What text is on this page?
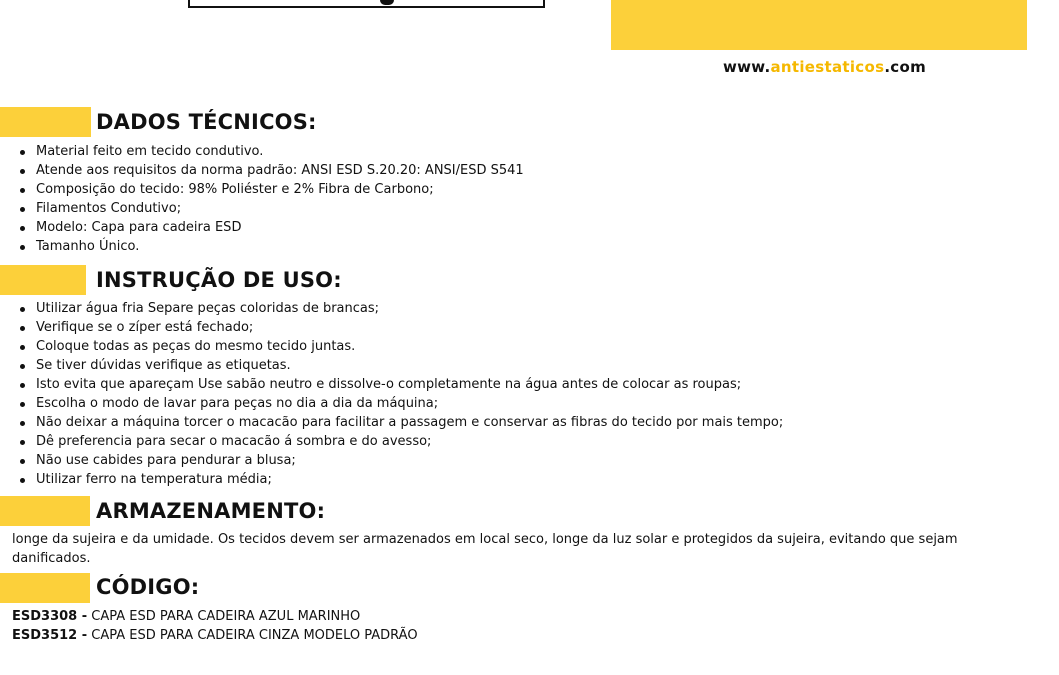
www.antiestaticos.com
DADOS TÉCNICOS:
Material feito em tecido condutivo.
Atende aos requisitos da norma padrão: ANSI ESD S.20.20: ANSI/ESD S541
Composição do tecido: 98% Poliéster e 2% Fibra de Carbono;
Filamentos Condutivo;
Modelo: Capa para cadeira ESD
Tamanho Único.
INSTRUÇÃO DE USO:
Utilizar água fria Separe peças coloridas de brancas;
Verifique se o zíper está fechado;
Coloque todas as peças do mesmo tecido juntas.
Se tiver dúvidas verifique as etiquetas.
Isto evita que apareçam Use sabão neutro e dissolve-o completamente na água antes de colocar as roupas;
Escolha o modo de lavar para peças no dia a dia da máquina;
Não deixar a máquina torcer o macacão para facilitar a passagem e conservar as fibras do tecido por mais tempo;
Dê preferencia para secar o macacão á sombra e do avesso;
Não use cabides para pendurar a blusa;
Utilizar ferro na temperatura média;
ARMAZENAMENTO:
longe da sujeira e da umidade. Os tecidos devem ser armazenados em local seco, longe da luz solar e protegidos da sujeira, evitando que sejam danificados.
CÓDIGO:
ESD3308 - CAPA ESD PARA CADEIRA AZUL MARINHO
ESD3512 - CAPA ESD PARA CADEIRA CINZA MODELO PADRÃO
